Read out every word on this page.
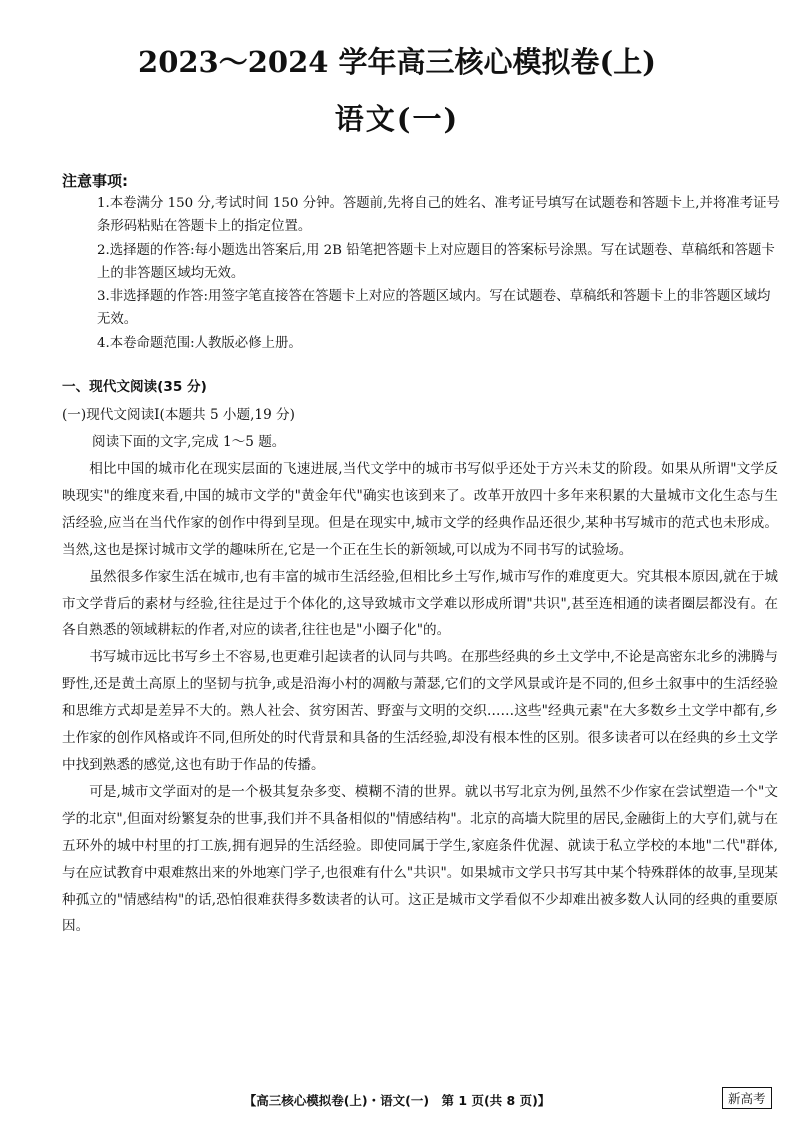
2023～2024 学年高三核心模拟卷(上)
语文(一)
注意事项:
1.本卷满分 150 分,考试时间 150 分钟。答题前,先将自己的姓名、准考证号填写在试题卷和答题卡上,并将准考证号条形码粘贴在答题卡上的指定位置。
2.选择题的作答:每小题选出答案后,用 2B 铅笔把答题卡上对应题目的答案标号涂黑。写在试题卷、草稿纸和答题卡上的非答题区域均无效。
3.非选择题的作答:用签字笔直接答在答题卡上对应的答题区域内。写在试题卷、草稿纸和答题卡上的非答题区域均无效。
4.本卷命题范围:人教版必修上册。
一、现代文阅读(35 分)
(一)现代文阅读Ⅰ(本题共 5 小题,19 分)
阅读下面的文字,完成 1～5 题。

相比中国的城市化在现实层面的飞速进展,当代文学中的城市书写似乎还处于方兴未艾的阶段。如果从所谓"文学反映现实"的维度来看,中国的城市文学的"黄金年代"确实也该到来了。改革开放四十多年来积累的大量城市文化生态与生活经验,应当在当代作家的创作中得到呈现。但是在现实中,城市文学的经典作品还很少,某种书写城市的范式也未形成。当然,这也是探讨城市文学的趣味所在,它是一个正在生长的新领域,可以成为不同书写的试验场。

虽然很多作家生活在城市,也有丰富的城市生活经验,但相比乡土写作,城市写作的难度更大。究其根本原因,就在于城市文学背后的素材与经验,往往是过于个体化的,这导致城市文学难以形成所谓"共识",甚至连相通的读者圈层都没有。在各自熟悉的领域耕耘的作者,对应的读者,往往也是"小圈子化"的。

书写城市远比书写乡土不容易,也更难引起读者的认同与共鸣。在那些经典的乡土文学中,不论是高密东北乡的沸腾与野性,还是黄土高原上的坚韧与抗争,或是沿海小村的凋敝与萧瑟,它们的文学风景或许是不同的,但乡土叙事中的生活经验和思维方式却是差异不大的。熟人社会、贫穷困苦、野蛮与文明的交织……这些"经典元素"在大多数乡土文学中都有,乡土作家的创作风格或许不同,但所处的时代背景和具备的生活经验,却没有根本性的区别。很多读者可以在经典的乡土文学中找到熟悉的感觉,这也有助于作品的传播。

可是,城市文学面对的是一个极其复杂多变、模糊不清的世界。就以书写北京为例,虽然不少作家在尝试塑造一个"文学的北京",但面对纷繁复杂的世事,我们并不具备相似的"情感结构"。北京的高墙大院里的居民,金融街上的大亨们,就与在五环外的城中村里的打工族,拥有迥异的生活经验。即使同属于学生,家庭条件优渥、就读于私立学校的本地"二代"群体,与在应试教育中艰难熬出来的外地寒门学子,也很难有什么"共识"。如果城市文学只书写其中某个特殊群体的故事,呈现某种孤立的"情感结构"的话,恐怕很难获得多数读者的认可。这正是城市文学看似不少却难出被多数人认同的经典的重要原因。

【高三核心模拟卷(上)・语文(一)　第 1 页(共 8 页)】	新高考
